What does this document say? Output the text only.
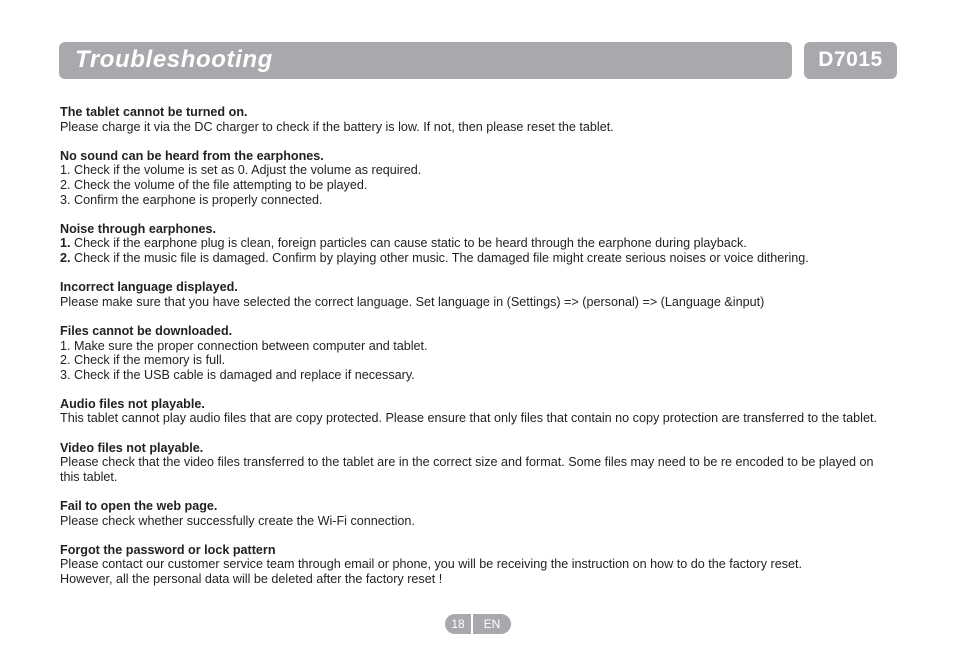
Troubleshooting	D7015
The tablet cannot be turned on.
Please charge it via the DC charger to check if the battery is low. If not, then please reset the tablet.
No sound can be heard from the earphones.
1. Check if the volume is set as 0. Adjust the volume as required.
2. Check the volume of the file attempting to be played.
3. Confirm the earphone is properly connected.
Noise through earphones.
1. Check if the earphone plug is clean, foreign particles can cause static to be heard through the earphone during playback.
2. Check if the music file is damaged. Confirm by playing other music. The damaged file might create serious noises or voice dithering.
Incorrect language displayed.
Please make sure that you have selected the correct language. Set language in (Settings) => (personal) => (Language &input)
Files cannot be downloaded.
1. Make sure the proper connection between computer and tablet.
2. Check if the memory is full.
3. Check if the USB cable is damaged and replace if necessary.
Audio files not playable.
This tablet cannot play audio files that are copy protected. Please ensure that only files that contain no copy protection are transferred to the tablet.
Video files not playable.
Please check that the video files transferred to the tablet are in the correct size and format. Some files may need to be re encoded to be played on this tablet.
Fail to open the web page.
Please check whether successfully create the Wi-Fi connection.
Forgot the password or lock pattern
Please contact our customer service team through email or phone, you will be receiving the instruction on how to do the factory reset.
However, all the personal data will be deleted after the factory reset !
18	EN
